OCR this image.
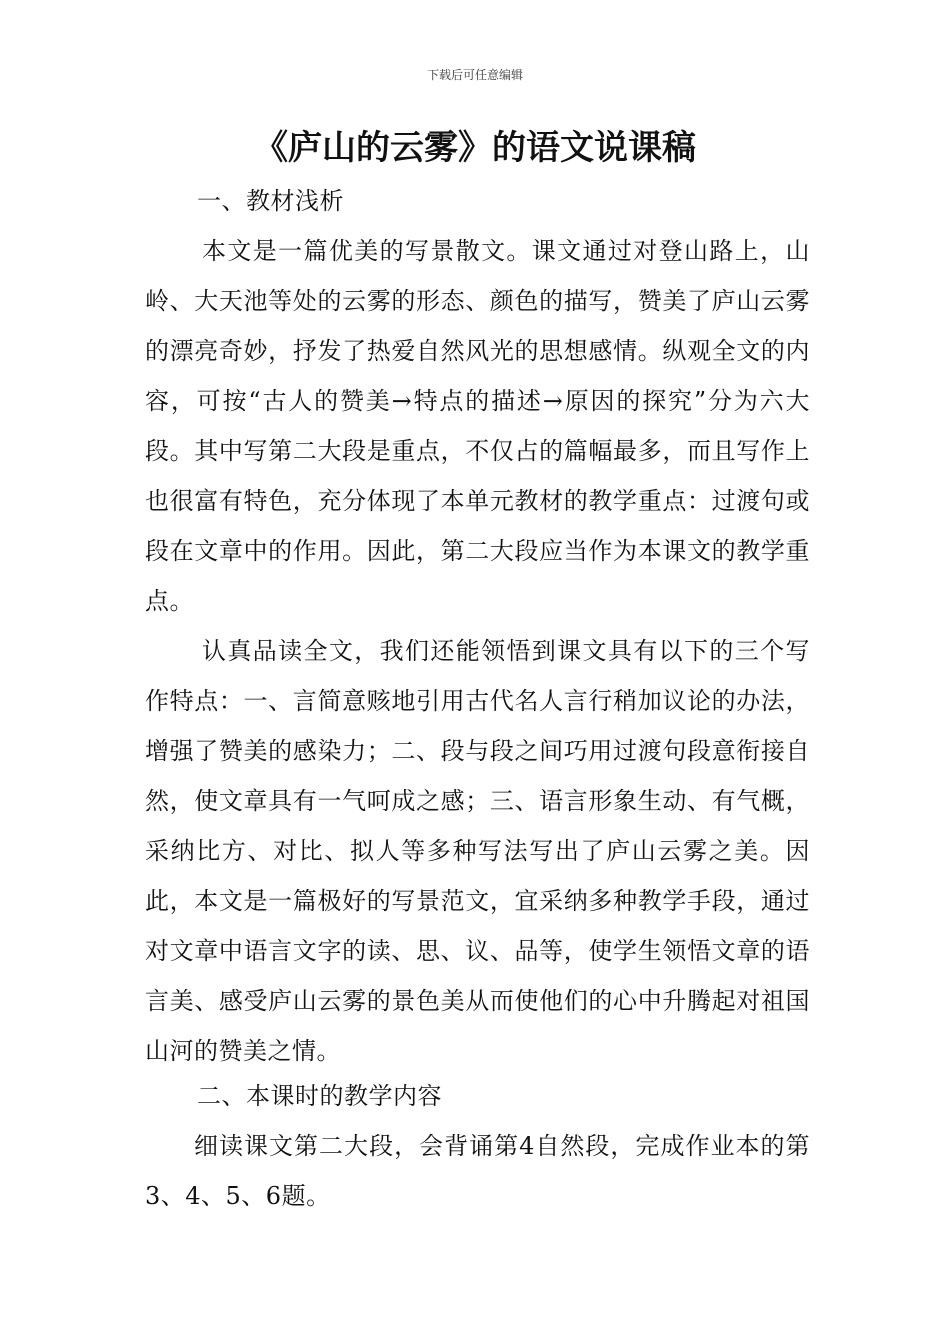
下载后可任意编辑
《庐山的云雾》的语文说课稿
一、教材浅析
本文是一篇优美的写景散文。课文通过对登山路上，山岭、大天池等处的云雾的形态、颜色的描写，赞美了庐山云雾的漂亮奇妙，抒发了热爱自然风光的思想感情。纵观全文的内容，可按“古人的赞美→特点的描述→原因的探究”分为六大段。其中写第二大段是重点，不仅占的篇幅最多，而且写作上也很富有特色，充分体现了本单元教材的教学重点：过渡句或段在文章中的作用。因此，第二大段应当作为本课文的教学重点。
认真品读全文，我们还能领悟到课文具有以下的三个写作特点：一、言简意赅地引用古代名人言行稍加议论的办法，增强了赞美的感染力；二、段与段之间巧用过渡句段意衔接自然，使文章具有一气呵成之感；三、语言形象生动、有气概，采纳比方、对比、拟人等多种写法写出了庐山云雾之美。因此，本文是一篇极好的写景范文，宜采纳多种教学手段，通过对文章中语言文字的读、思、议、品等，使学生领悟文章的语言美、感受庐山云雾的景色美从而使他们的心中升腾起对祖国山河的赞美之情。
二、本课时的教学内容
细读课文第二大段，会背诵第4自然段，完成作业本的第3、4、5、6题。
